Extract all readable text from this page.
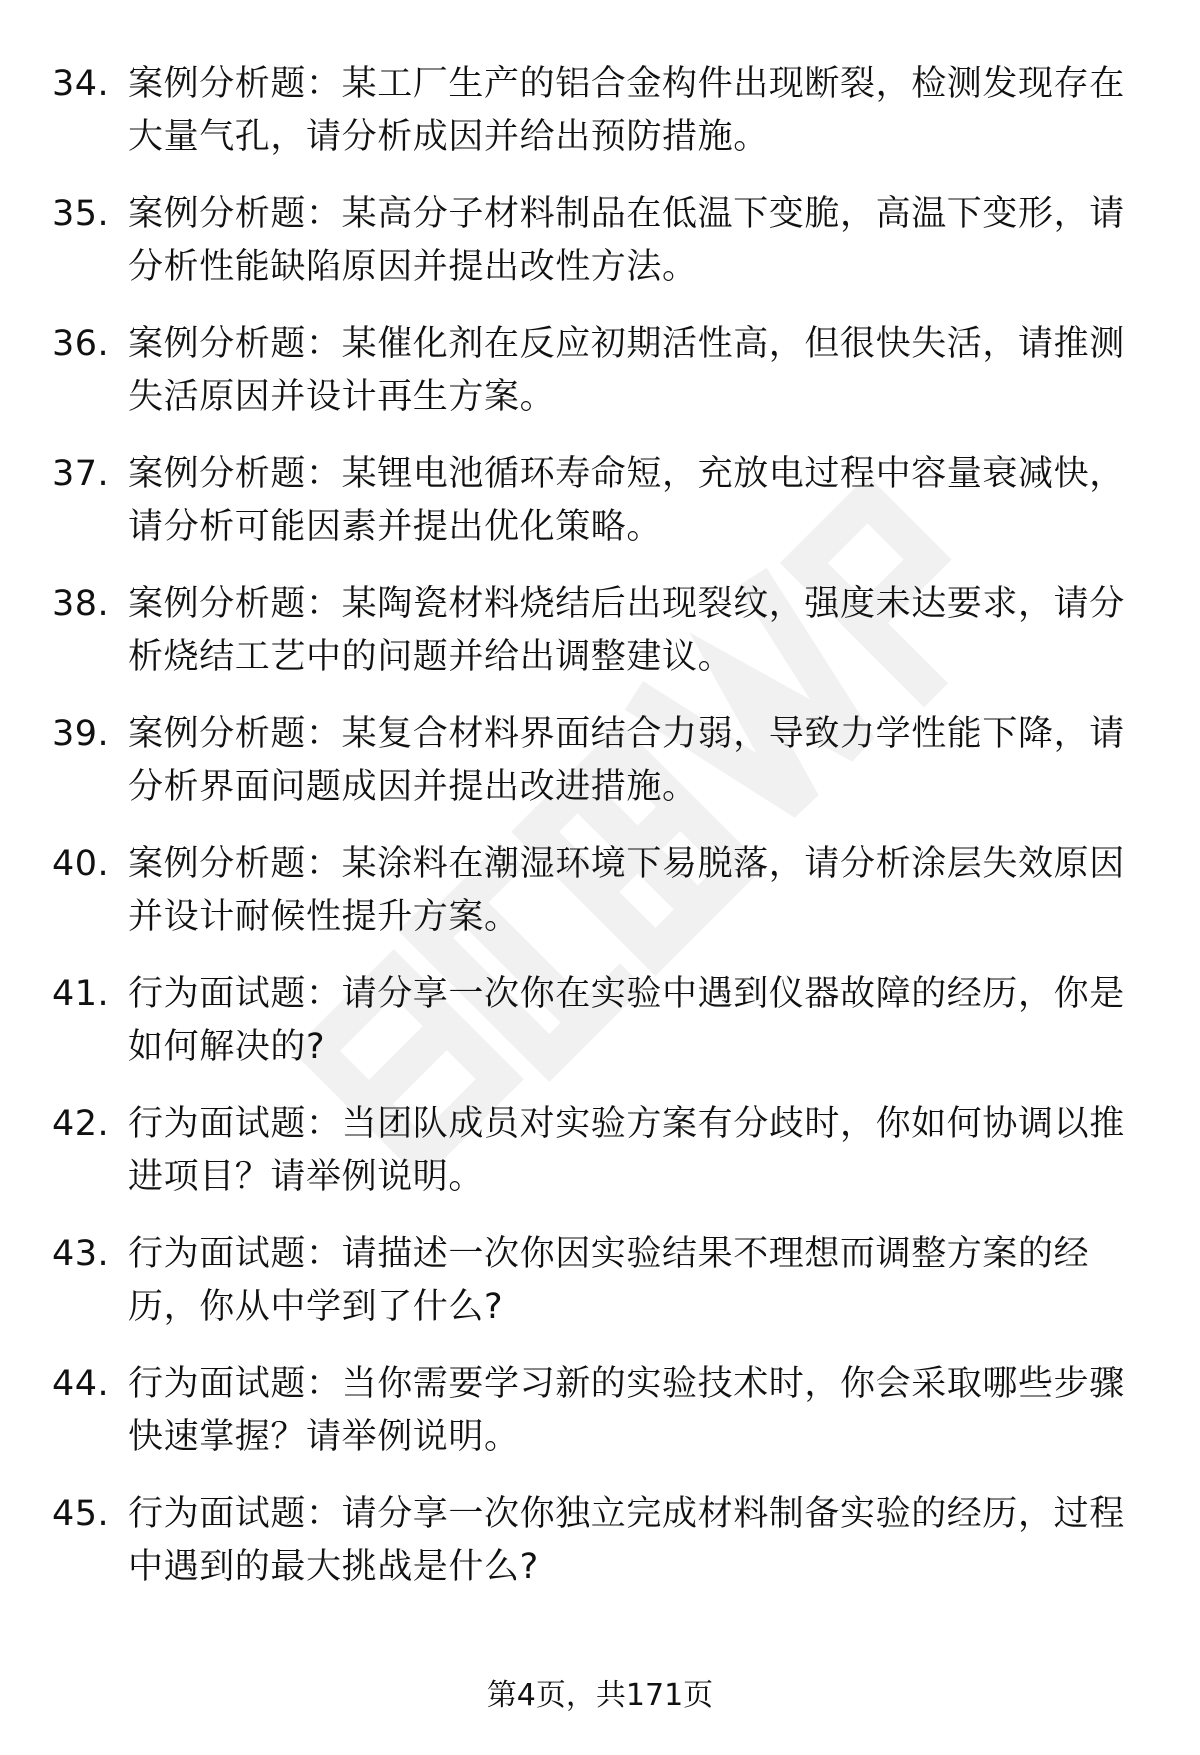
34. 案例分析题：某工厂生产的铝合金构件出现断裂，检测发现存在大量气孔，请分析成因并给出预防措施。
35. 案例分析题：某高分子材料制品在低温下变脆，高温下变形，请分析性能缺陷原因并提出改性方法。
36. 案例分析题：某催化剂在反应初期活性高，但很快失活，请推测失活原因并设计再生方案。
37. 案例分析题：某锂电池循环寿命短，充放电过程中容量衰减快，请分析可能因素并提出优化策略。
38. 案例分析题：某陶瓷材料烧结后出现裂纹，强度未达要求，请分析烧结工艺中的问题并给出调整建议。
39. 案例分析题：某复合材料界面结合力弱，导致力学性能下降，请分析界面问题成因并提出改进措施。
40. 案例分析题：某涂料在潮湿环境下易脱落，请分析涂层失效原因并设计耐候性提升方案。
41. 行为面试题：请分享一次你在实验中遇到仪器故障的经历，你是如何解决的?
42. 行为面试题：当团队成员对实验方案有分歧时，你如何协调以推进项目？请举例说明。
43. 行为面试题：请描述一次你因实验结果不理想而调整方案的经历，你从中学到了什么?
44. 行为面试题：当你需要学习新的实验技术时，你会采取哪些步骤快速掌握？请举例说明。
45. 行为面试题：请分享一次你独立完成材料制备实验的经历，过程中遇到的最大挑战是什么?
第4页，共171页
